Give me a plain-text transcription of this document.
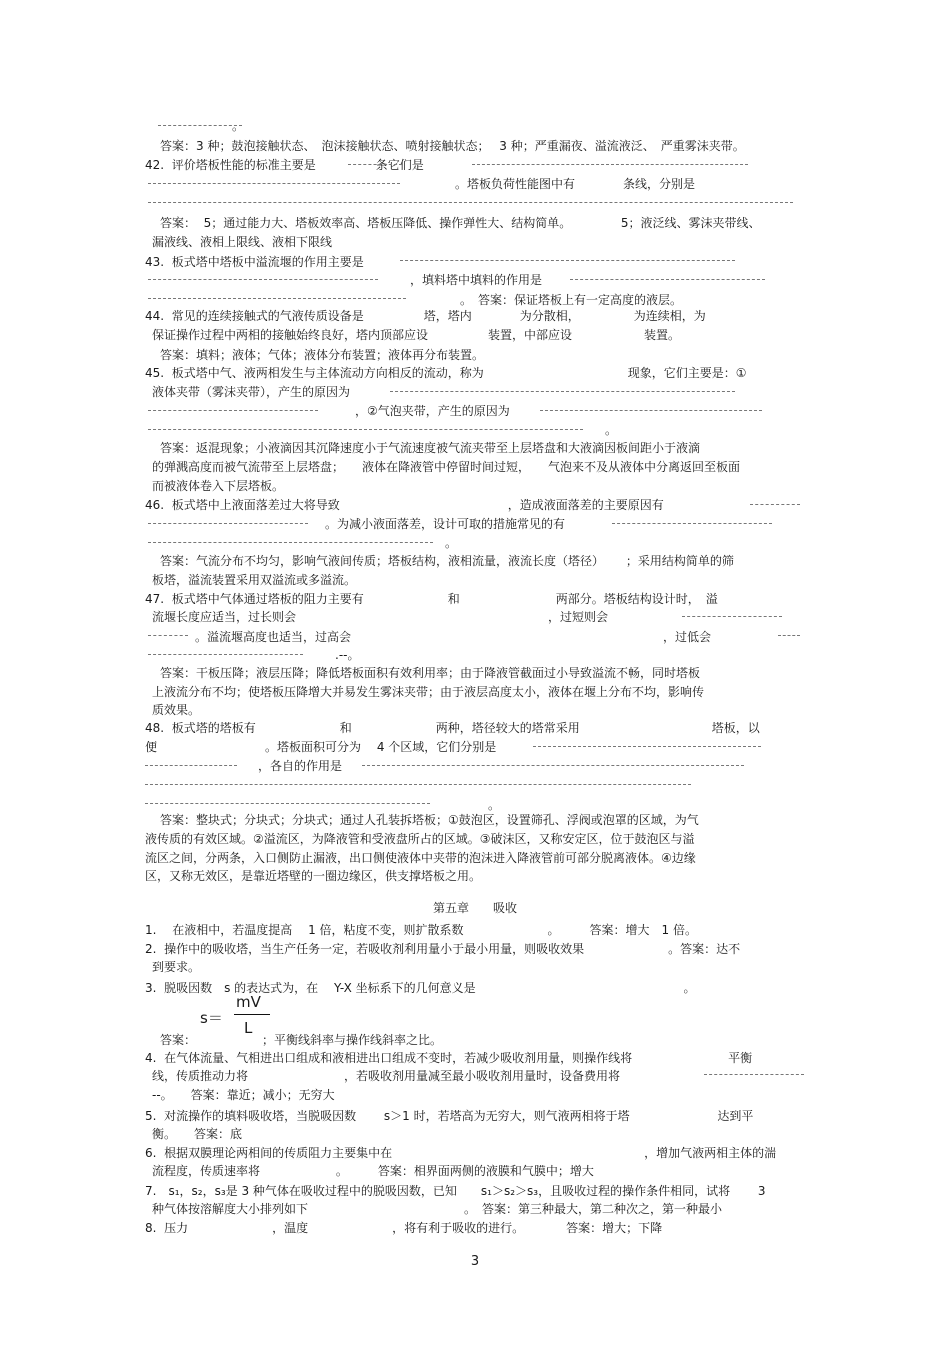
　　　　　　。
答案：3 种；鼓泡接触状态、　泡沫接触状态、喷射接触状态；　 3 种；严重漏夜、溢流液泛、　严重雾沫夹带。
42.  评价塔板性能的标准主要是　　　　　条它们是
。塔板负荷性能图中有　　　　条线，分别是
答案：  5；通过能力大、塔板效率高、塔板压降低、操作弹性大、结构简单。　　　　  5；液泛线、雾沫夹带线、
漏液线、液相上限线、液相下限线
43.  板式塔中塔板中溢流堰的作用主要是
，填料塔中填料的作用是
。　答案：保证塔板上有一定高度的液层。
44.  常见的连续接触式的气液传质设备是　　　　　塔，塔内　　　　为分散相，　　　　　为连续相，为
保证操作过程中两相的接触始终良好，塔内顶部应设　　　　　装置，中部应设　　　　　　装置。
答案：填料；液体；气体；液体分布装置；液体再分布装置。
45.  板式塔中气、液两相发生与主体流动方向相反的流动，称为　　　　　　　　　　　　现象，它们主要是：①
液体夹带（雾沫夹带），产生的原因为
，②气泡夹带，产生的原因为
。
答案：返混现象；小液滴因其沉降速度小于气流速度被气流夹带至上层塔盘和大液滴因板间距小于液滴
的弹溅高度而被气流带至上层塔盘；　　液体在降液管中停留时间过短，　　气泡来不及从液体中分离返回至板面
而被液体卷入下层塔板。
46.  板式塔中上液面落差过大将导致　　　　　　　　　　　　　　，造成液面落差的主要原因有
。为减小液面落差，设计可取的措施常见的有
。
答案：气流分布不均匀，影响气液间传质；塔板结构，液相流量，液流长度（塔径）　　 ；采用结构简单的筛
板塔，溢流装置采用双溢流或多溢流。
47.  板式塔中气体通过塔板的阻力主要有　　　　　　　和　　　　　　　　两部分。塔板结构设计时，　溢
流堰长度应适当，过长则会　　　　　　　　　　　　　　　　　　　　　，过短则会
。溢流堰高度也适当，过高会　　　　　　　　　　　　　　　　　　　　　　　　　　，过低会
.--。
答案：干板压降；液层压降；降低塔板面积有效利用率；由于降液管截面过小导致溢流不畅，同时塔板
上液流分布不均；使塔板压降增大并易发生雾沫夹带；由于液层高度太小，液体在堰上分布不均，影响传
质效果。
48.  板式塔的塔板有　　　　　　　和　　　　　　　两种，塔径较大的塔常采用　　　　　　　　　　　塔板，以
便　　　　　　　　　。塔板面积可分为　 4 个区域，它们分别是
，各自的作用是
。
答案：整块式；分块式；分块式；通过人孔装拆塔板；①鼓泡区，设置筛孔、浮阀或泡罩的区域，为气
液传质的有效区域。②溢流区，为降液管和受液盘所占的区域。③破沫区，又称安定区，位于鼓泡区与溢
流区之间，分两条，入口侧防止漏液，出口侧使液体中夹带的泡沫进入降液管前可部分脱离液体。④边缘
区，又称无效区，是靠近塔壁的一圈边缘区，供支撑塔板之用。
1.　 在液相中，若温度提高　 1 倍，粘度不变，则扩散系数　　　　　　　。　　　答案：增大　1 倍。
2.  操作中的吸收塔，当生产任务一定，若吸收剂利用量小于最小用量，则吸收效果　　　　　　　。答案：达不
到要求。
3.  脱吸因数　s 的表达式为，在　 Y-X 坐标系下的几何意义是　　　　　　　　　　　　　　　　　 。
答案：　　　　　　；平衡线斜率与操作线斜率之比。
4.  在气体流量、气相进出口组成和液相进出口组成不变时，若减少吸收剂用量，则操作线将　　　　　　　　平衡
线，传质推动力将　　　　　　　　，若吸收剂用量减至最小吸收剂用量时，设备费用将
--。　　答案：靠近；减小；无穷大
5.  对流操作的填料吸收塔，当脱吸因数　　 s＞1 时，若塔高为无穷大，则气液两相将于塔　　　　　　　 达到平
衡。　　答案：底
6.  根据双膜理论两相间的传质阻力主要集中在　　　　　　　　　　　　　　　　　　　　　，增加气液两相主体的湍
流程度，传质速率将　　　　　　 。　　　答案：相界面两侧的液膜和气膜中；增大
7.　s₁，s₂，s₃是 3 种气体在吸收过程中的脱吸因数，已知　　s₁＞s₂＞s₃，且吸收过程的操作条件相同，试将　　 3
种气体按溶解度大小排列如下　　　　　　　　　　　　　。　答案：第三种最大，第二种次之，第一种最小
8.  压力　　　　　　　，温度　　　　　　　，将有利于吸收的进行。　　　　答案：增大；下降
第五章　　吸收
s＝
mV
L
3
